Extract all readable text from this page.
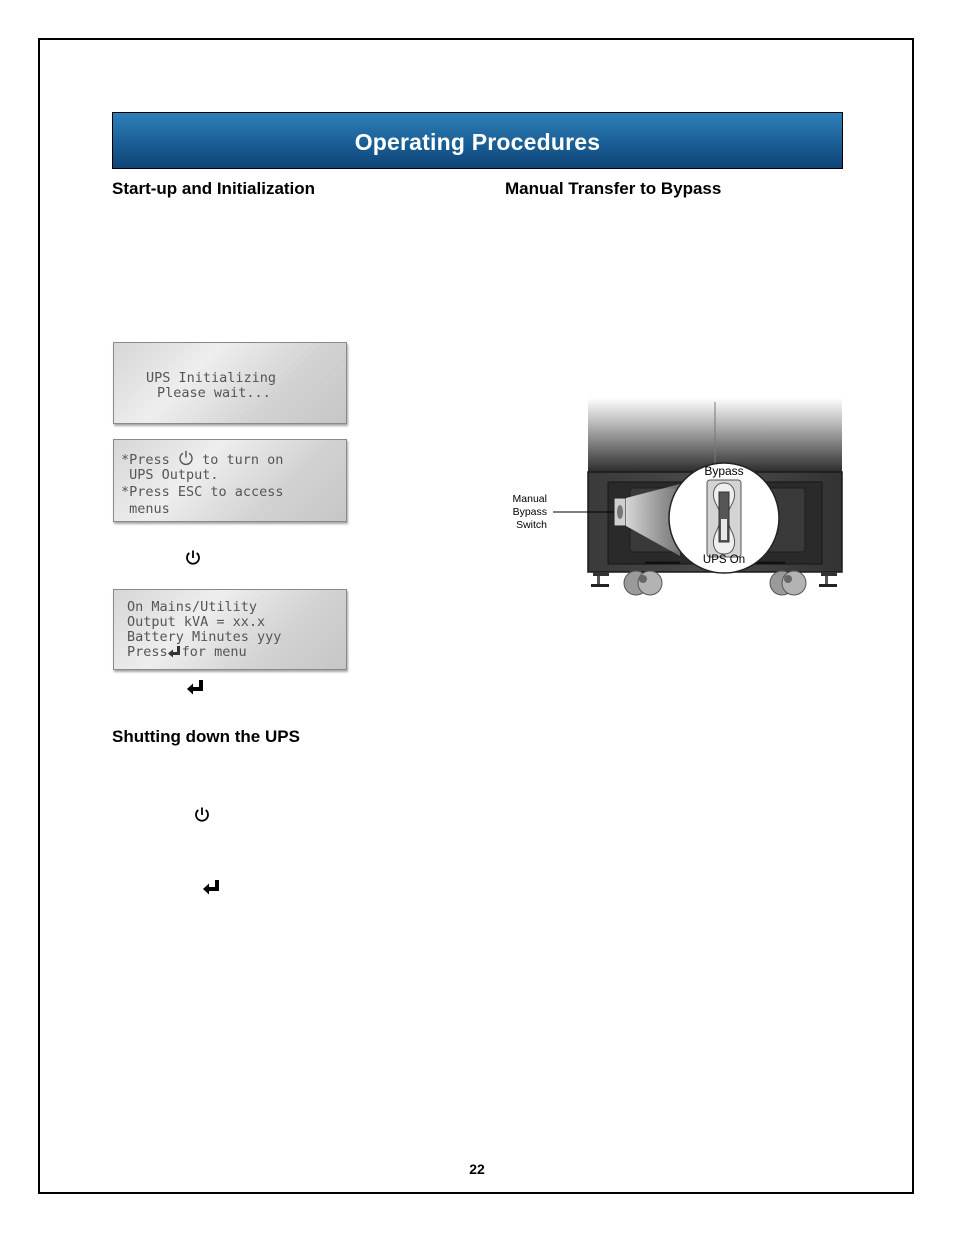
Operating Procedures
Start-up and Initialization	Manual Transfer to Bypass
Shutting down the UPS
UPS Initializing
Please wait...
*Press to turn on
UPS Output.
*Press ESC to access
menus
On Mains/Utility
Output kVA = xx.x
Battery Minutes yyy
Press for menu
Manual
Bypass
Switch
Bypass
UPS On
22
